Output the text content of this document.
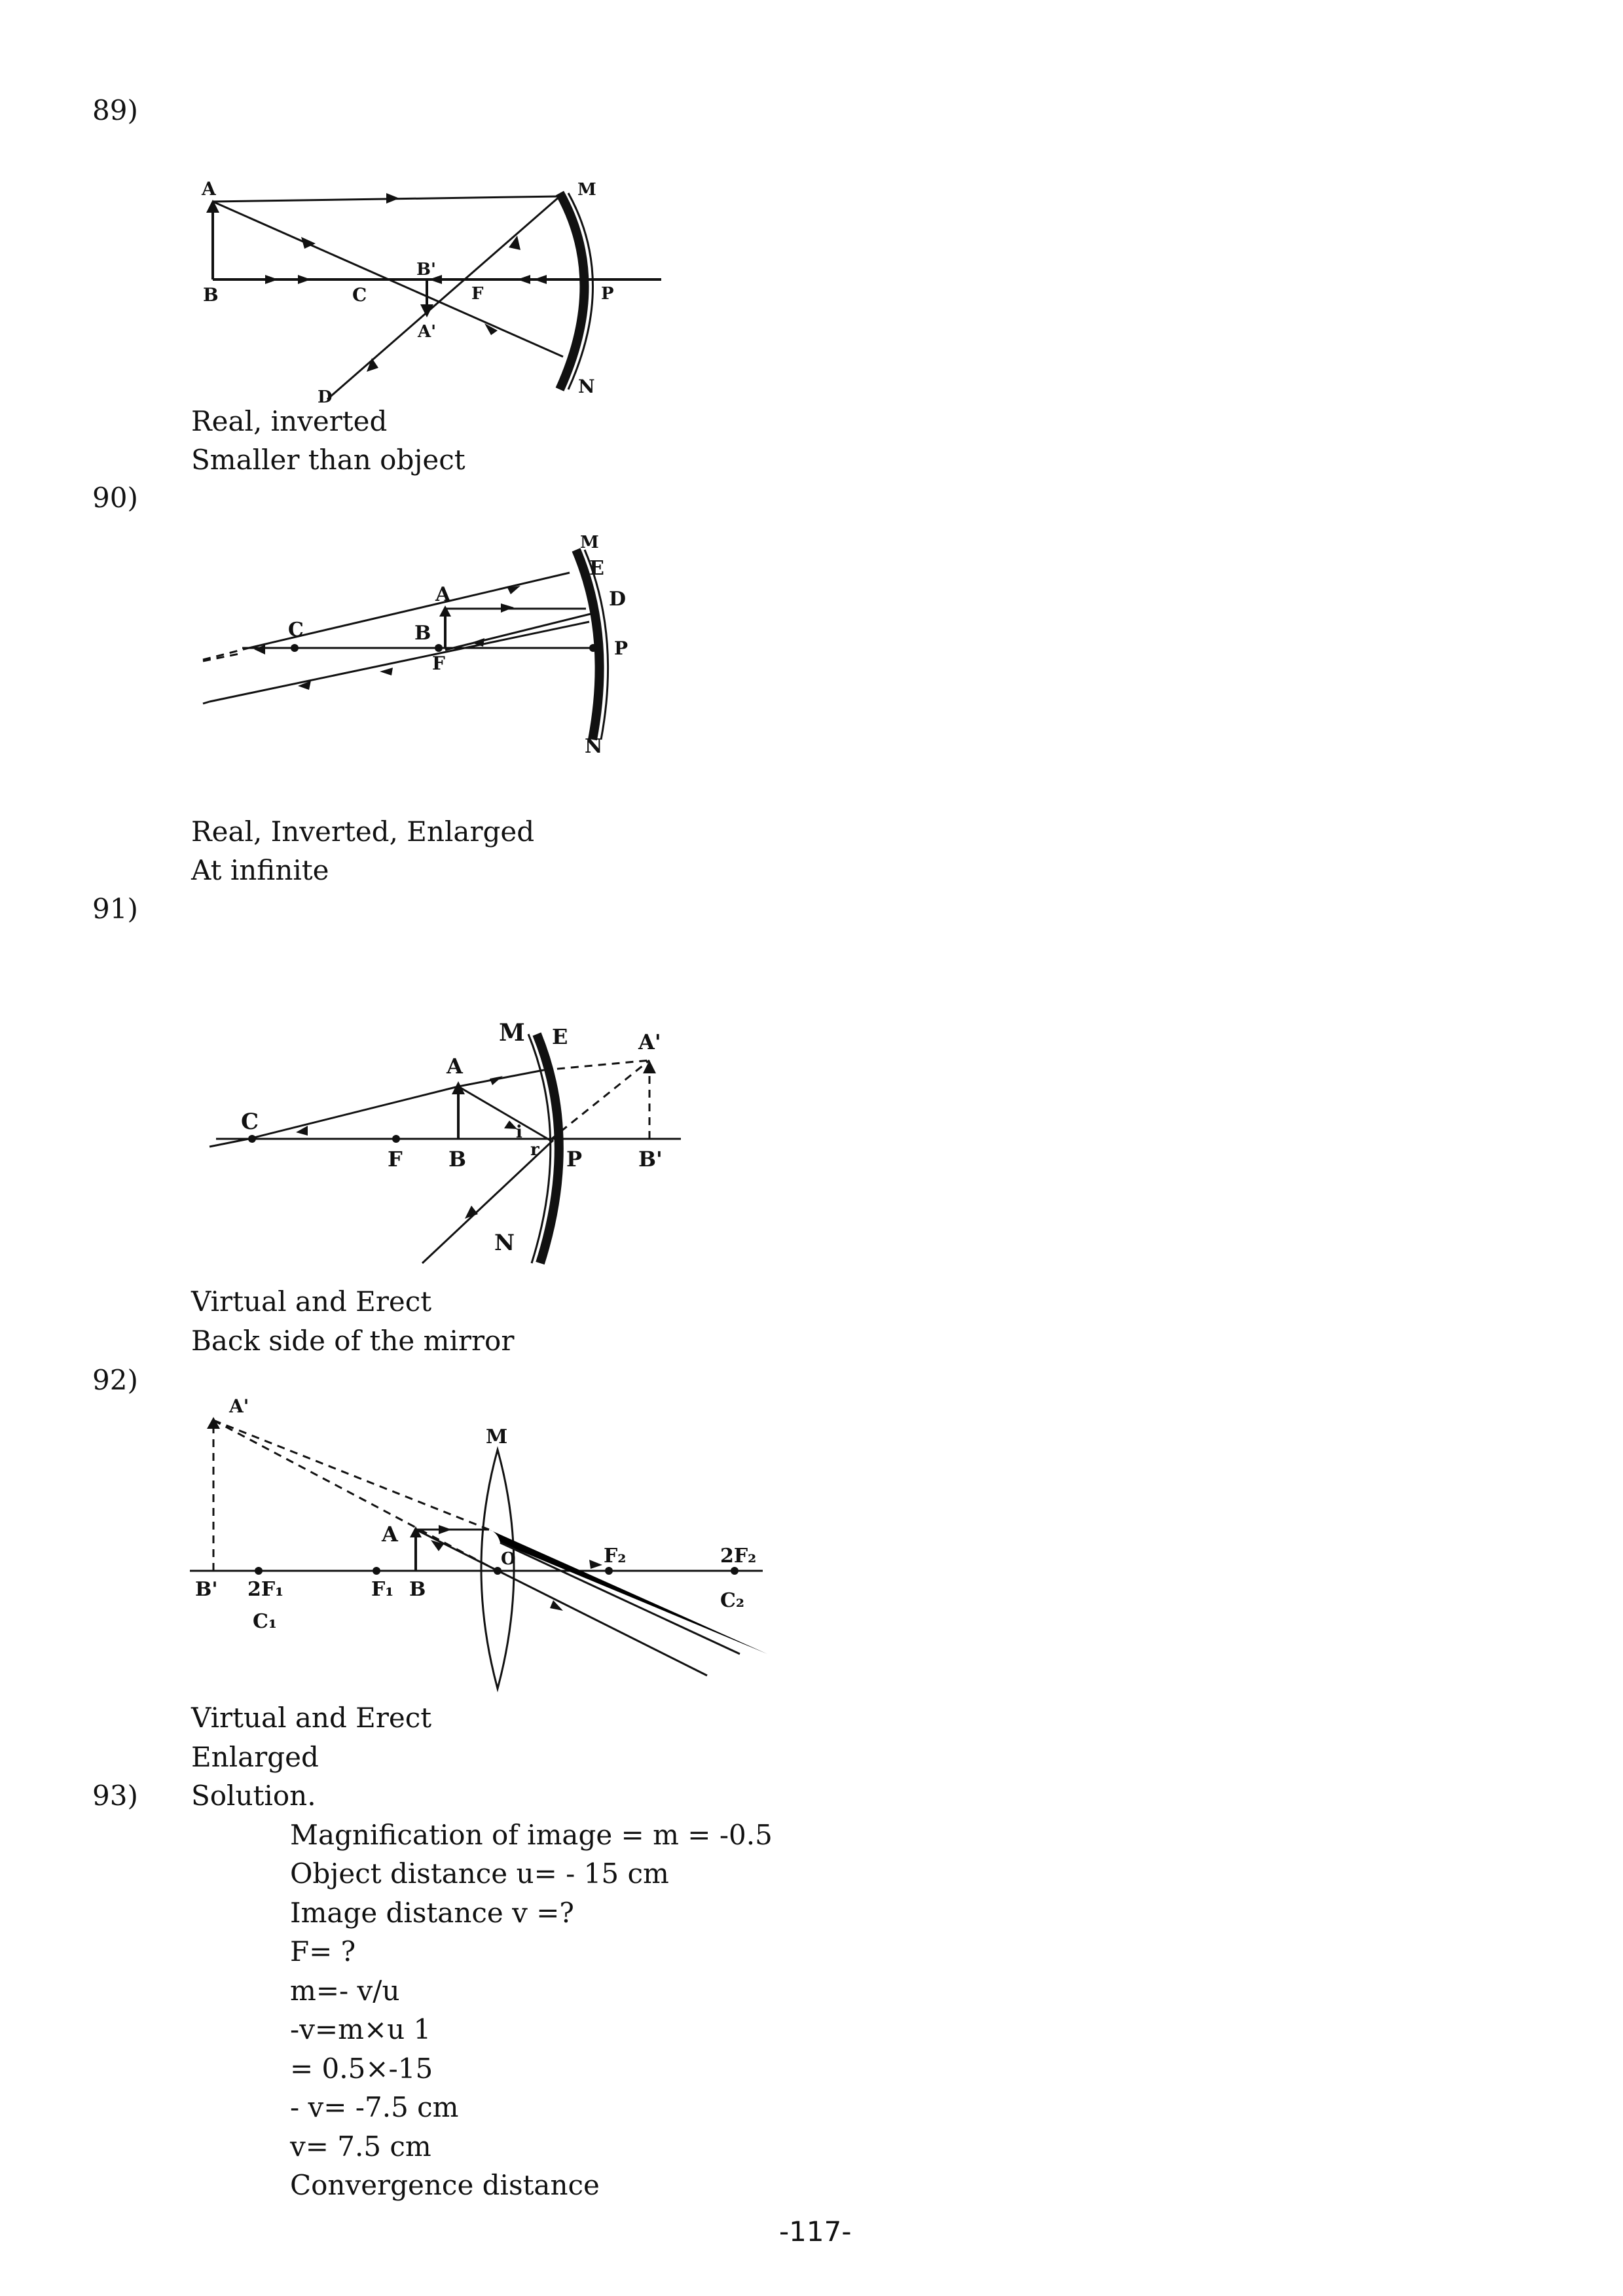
89)
A
B	C	F	P
M
N
B'
A'
D
Real, inverted
Smaller than object
90)
M
E
D
A
C	B
F
P
N
Real, Inverted, Enlarged
At infinite
91)
A'
M E
A
C
F B
i
r P	B'
N
Virtual and Erect
Back side of the mirror
92)
A'
M
A
O	F₂	2F₂
B' 2F₁	F₁ B
C₁
C₂
Virtual and Erect
Enlarged
93) Solution.
Magnification of image = m = -0.5
Object distance u= - 15 cm
Image distance v =?
F= ?
m=- v/u
-v=m×u 1
= 0.5×-15
- v= -7.5 cm
v= 7.5 cm
Convergence distance
-117-
